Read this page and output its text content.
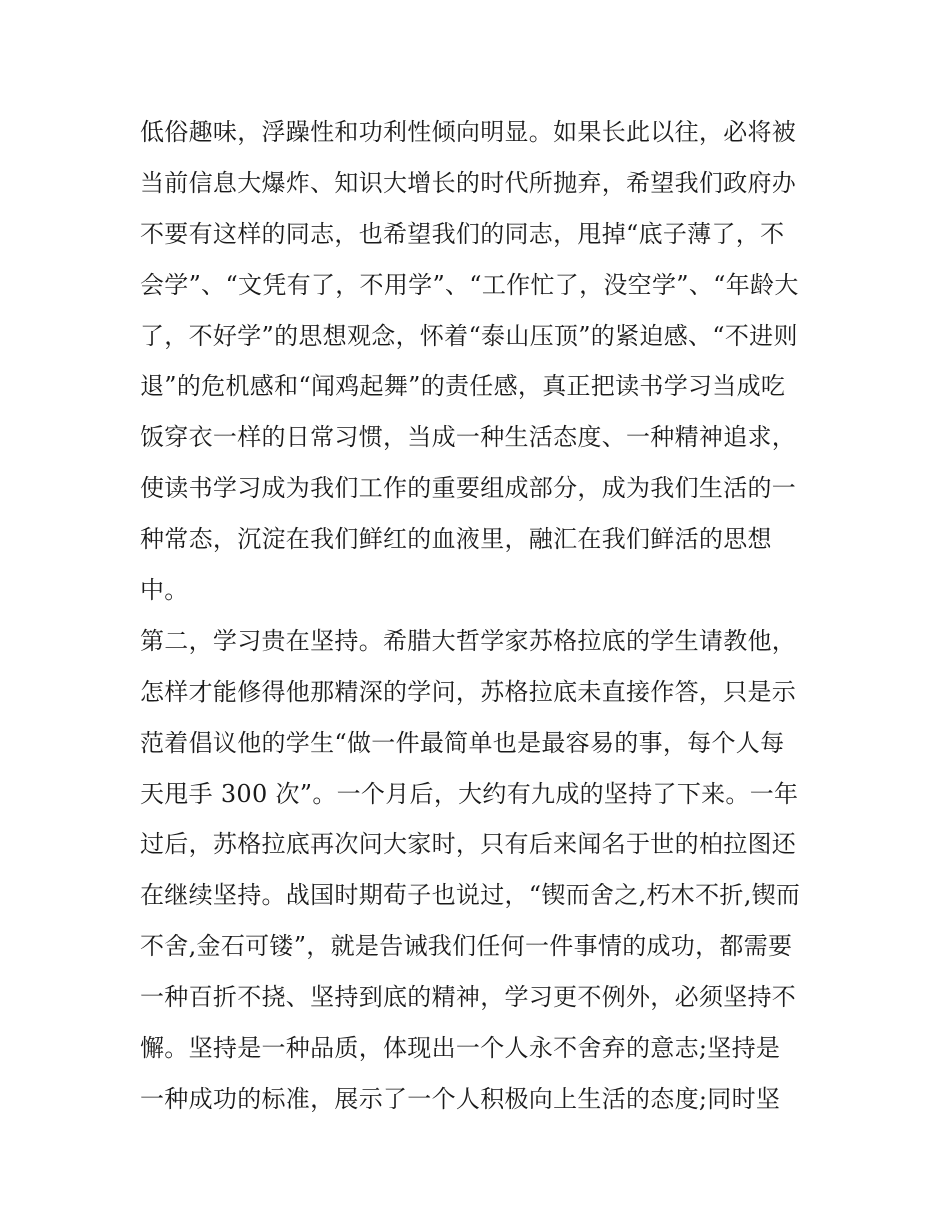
低俗趣味，浮躁性和功利性倾向明显。如果长此以往，必将被
当前信息大爆炸、知识大增长的时代所抛弃，希望我们政府办
不要有这样的同志，也希望我们的同志，甩掉“底子薄了，不
会学”、“文凭有了，不用学”、“工作忙了，没空学”、“年龄大
了，不好学”的思想观念，怀着“泰山压顶”的紧迫感、“不进则
退”的危机感和“闻鸡起舞”的责任感，真正把读书学习当成吃
饭穿衣一样的日常习惯，当成一种生活态度、一种精神追求，
使读书学习成为我们工作的重要组成部分，成为我们生活的一
种常态，沉淀在我们鲜红的血液里，融汇在我们鲜活的思想
中。
第二，学习贵在坚持。希腊大哲学家苏格拉底的学生请教他，
怎样才能修得他那精深的学问，苏格拉底未直接作答，只是示
范着倡议他的学生“做一件最简单也是最容易的事，每个人每
天甩手 300 次”。一个月后，大约有九成的坚持了下来。一年
过后，苏格拉底再次问大家时，只有后来闻名于世的柏拉图还
在继续坚持。战国时期荀子也说过，“锲而舍之,朽木不折,锲而
不舍,金石可镂”，就是告诫我们任何一件事情的成功，都需要
一种百折不挠、坚持到底的精神，学习更不例外，必须坚持不
懈。坚持是一种品质，体现出一个人永不舍弃的意志;坚持是
一种成功的标准，展示了一个人积极向上生活的态度;同时坚
